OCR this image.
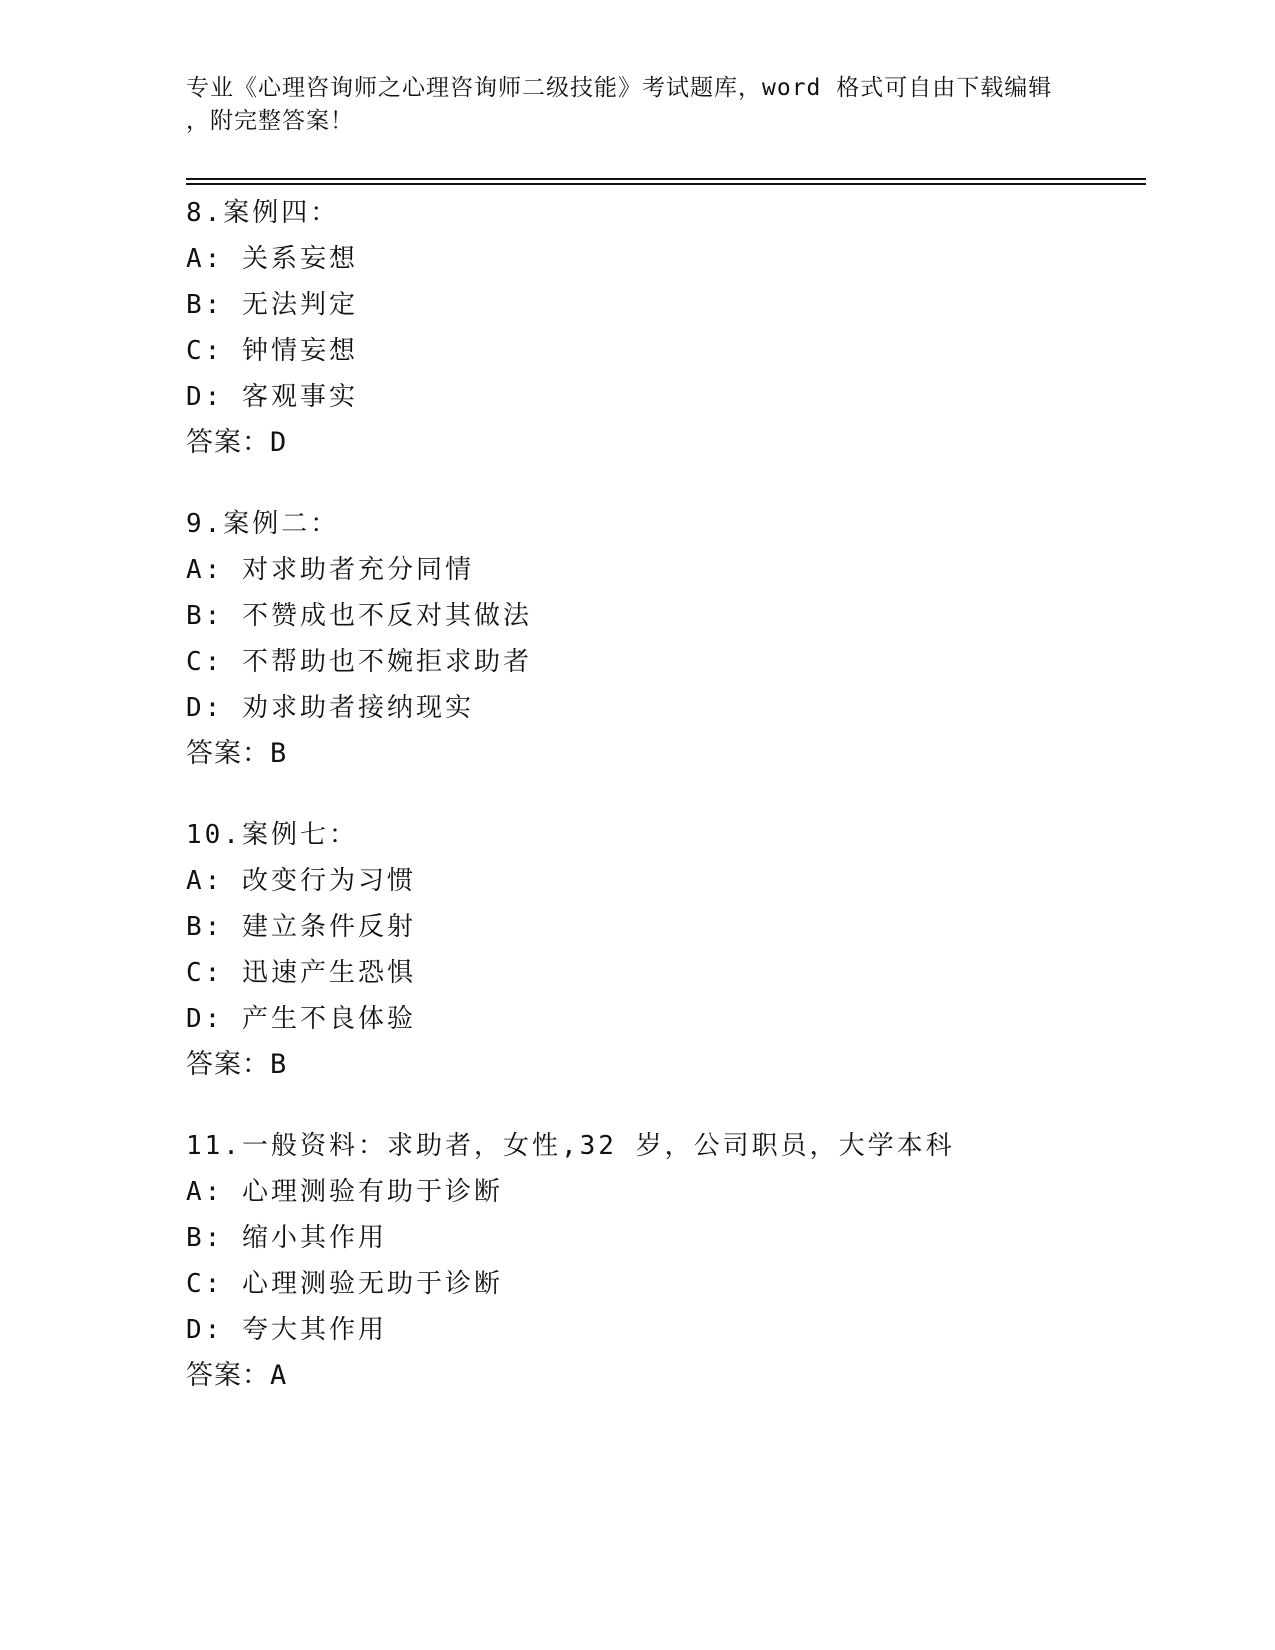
专业《心理咨询师之心理咨询师二级技能》考试题库，word 格式可自由下载编辑
，附完整答案！
8.案例四：
A: 关系妄想
B: 无法判定
C: 钟情妄想
D: 客观事实
答案：D
9.案例二：
A: 对求助者充分同情
B: 不赞成也不反对其做法
C: 不帮助也不婉拒求助者
D: 劝求助者接纳现实
答案：B
10.案例七：
A: 改变行为习惯
B: 建立条件反射
C: 迅速产生恐惧
D: 产生不良体验
答案：B
11.一般资料：求助者，女性,32 岁，公司职员，大学本科
A: 心理测验有助于诊断
B: 缩小其作用
C: 心理测验无助于诊断
D: 夸大其作用
答案：A
